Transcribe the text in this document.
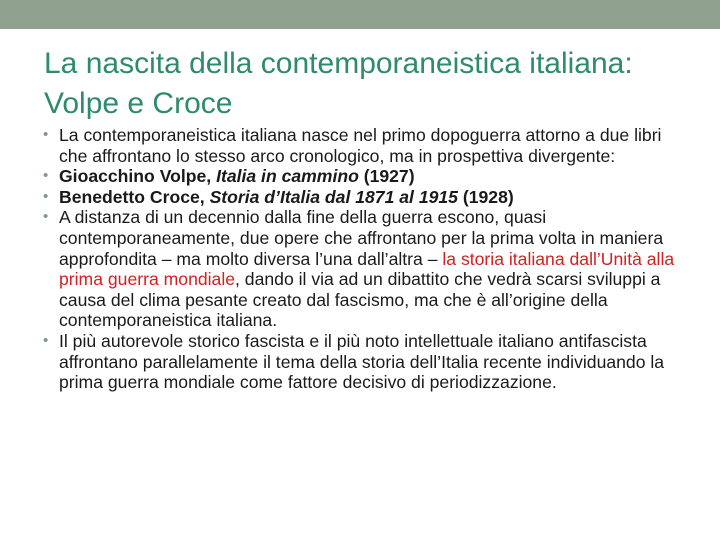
La nascita della contemporaneistica italiana: Volpe e Croce
• La contemporaneistica italiana nasce nel primo dopoguerra attorno a due libri che affrontano lo stesso arco cronologico, ma in prospettiva divergente:
• Gioacchino Volpe, Italia in cammino (1927)
• Benedetto Croce, Storia d’Italia dal 1871 al 1915 (1928)
• A distanza di un decennio dalla fine della guerra escono, quasi contemporaneamente, due opere che affrontano per la prima volta in maniera approfondita – ma molto diversa l’una dall’altra – la storia italiana dall’Unità alla prima guerra mondiale, dando il via ad un dibattito che vedrà scarsi sviluppi a causa del clima pesante creato dal fascismo, ma che è all’origine della contemporaneistica italiana.
• Il più autorevole storico fascista e il più noto intellettuale italiano antifascista affrontano parallelamente il tema della storia dell’Italia recente individuando la prima guerra mondiale come fattore decisivo di periodizzazione.
